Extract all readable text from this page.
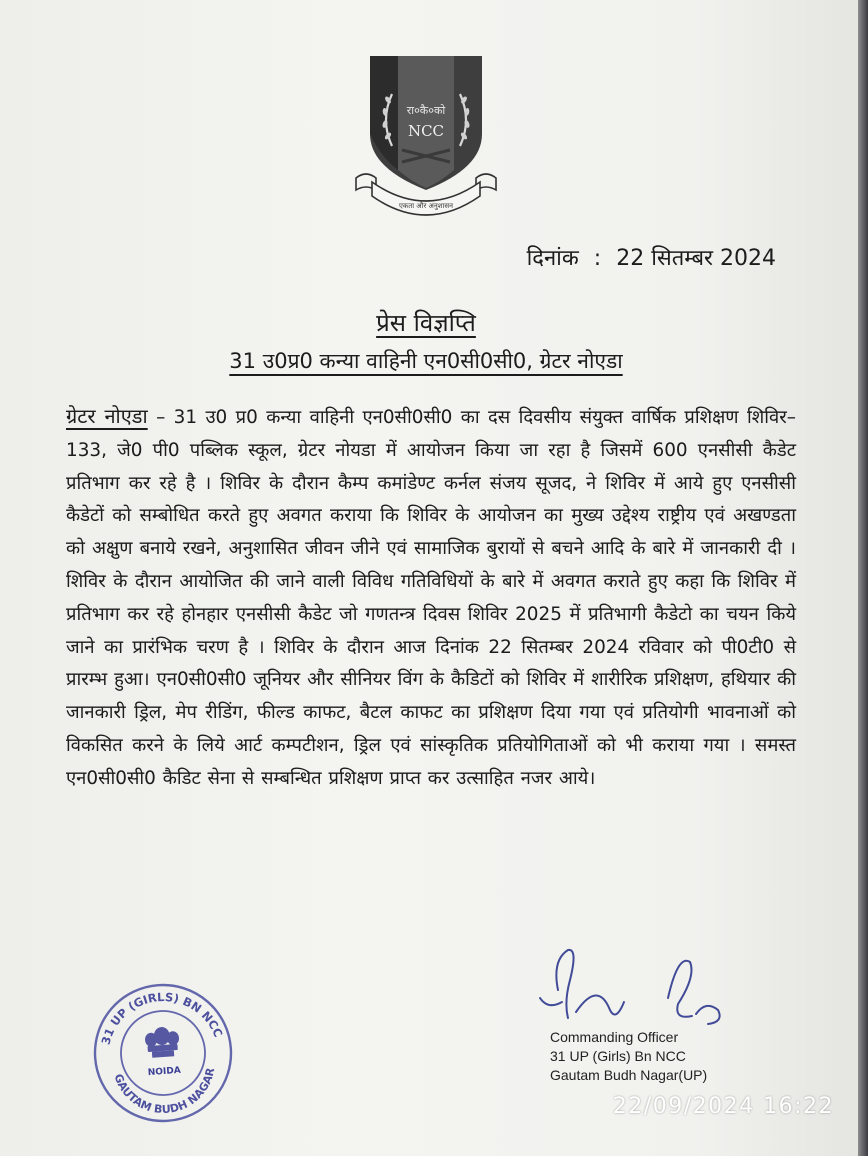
रा०कै०को
NCC
एकता और अनुशासन
दिनांक : 22 सितम्बर 2024
प्रेस विज्ञप्ति
31 उ0प्र0 कन्या वाहिनी एन0सी0सी0, ग्रेटर नोएडा
ग्रेटर नोएडा – 31 उ0 प्र0 कन्या वाहिनी एन0सी0सी0 का दस दिवसीय संयुक्त वार्षिक प्रशिक्षण शिविर–133, जे0 पी0 पब्लिक स्कूल, ग्रेटर नोयडा में आयोजन किया जा रहा है जिसमें 600 एनसीसी कैडेट प्रतिभाग कर रहे है । शिविर के दौरान कैम्प कमांडेण्ट कर्नल संजय सूजद, ने शिविर में आये हुए एनसीसी कैडेटों को सम्बोधित करते हुए अवगत कराया कि शिविर के आयोजन का मुख्य उद्देश्य राष्ट्रीय एवं अखण्डता को अक्षुण बनाये रखने, अनुशासित जीवन जीने एवं सामाजिक बुरायों से बचने आदि के बारे में जानकारी दी । शिविर के दौरान आयोजित की जाने वाली विविध गतिविधियों के बारे में अवगत कराते हुए कहा कि शिविर में प्रतिभाग कर रहे होनहार एनसीसी कैडेट जो गणतन्त्र दिवस शिविर 2025 में प्रतिभागी कैडेटो का चयन किये जाने का प्रारंभिक चरण है । शिविर के दौरान आज दिनांक 22 सितम्बर 2024 रविवार को पी0टी0 से प्रारम्भ हुआ। एन0सी0सी0 जूनियर और सीनियर विंग के कैडिटों को शिविर में शारीरिक प्रशिक्षण, हथियार की जानकारी ड्रिल, मेप रीडिंग, फील्ड काफट, बैटल काफट का प्रशिक्षण दिया गया एवं प्रतियोगी भावनाओं को विकसित करने के लिये आर्ट कम्पटीशन, ड्रिल एवं सांस्कृतिक प्रतियोगिताओं को भी कराया गया । समस्त एन0सी0सी0 कैडिट सेना से सम्बन्धित प्रशिक्षण प्राप्त कर उत्साहित नजर आये।
31 UP (GIRLS) BN NCC
GAUTAM BUDH NAGAR
NOIDA
Commanding Officer
31 UP (Girls) Bn NCC
Gautam Budh Nagar(UP)
22/09/2024 16:22
